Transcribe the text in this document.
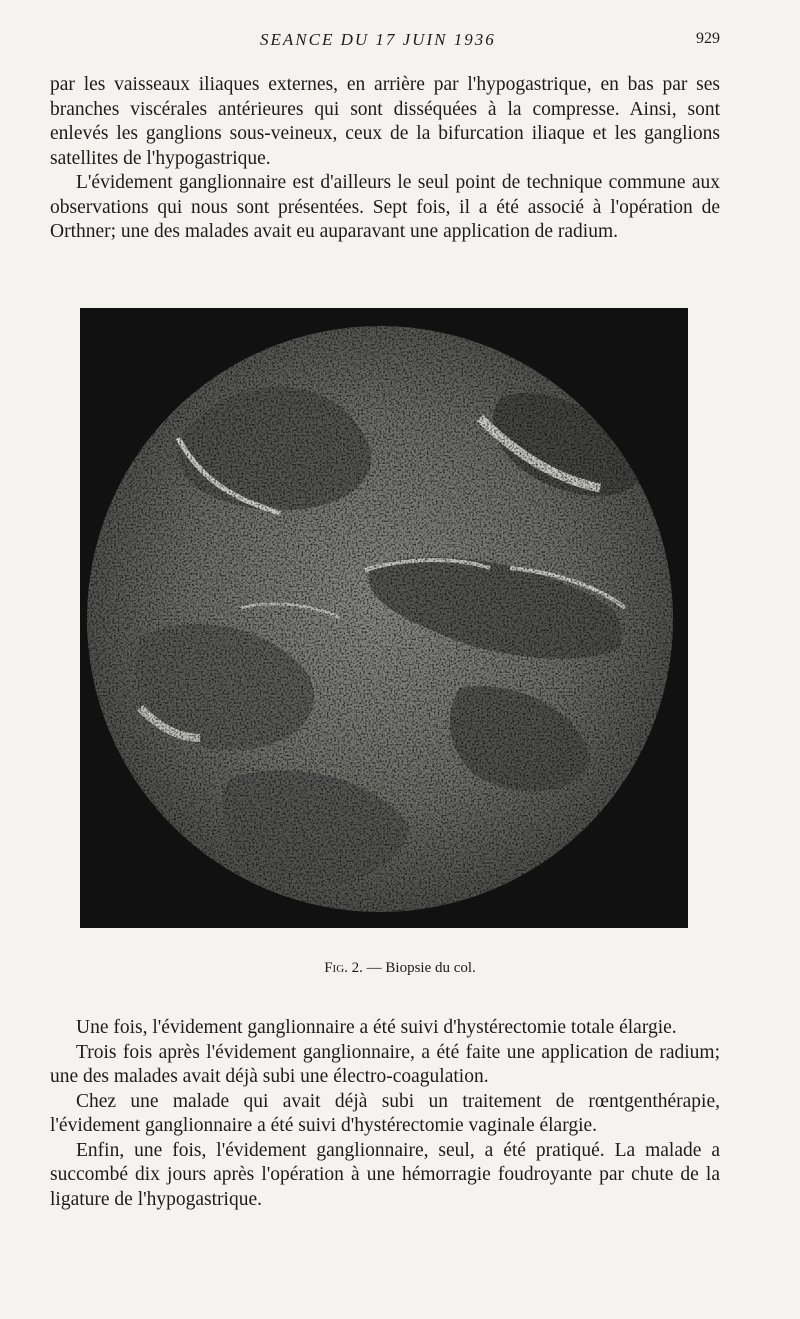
SEANCE DU 17 JUIN 1936	929

par les vaisseaux iliaques externes, en arrière par l'hypogastrique, en bas par ses branches viscérales antérieures qui sont disséquées à la compresse. Ainsi, sont enlevés les ganglions sous-veineux, ceux de la bifurcation iliaque et les ganglions satellites de l'hypogastrique.

L'évidement ganglionnaire est d'ailleurs le seul point de technique commune aux observations qui nous sont présentées. Sept fois, il a été associé à l'opération de Orthner; une des malades avait eu auparavant une application de radium.

Fig. 2. — Biopsie du col.

Une fois, l'évidement ganglionnaire a été suivi d'hystérectomie totale élargie.

Trois fois après l'évidement ganglionnaire, a été faite une application de radium; une des malades avait déjà subi une électro-coagulation.

Chez une malade qui avait déjà subi un traitement de rœntgenthérapie, l'évidement ganglionnaire a été suivi d'hystérectomie vaginale élargie.

Enfin, une fois, l'évidement ganglionnaire, seul, a été pratiqué. La malade a succombé dix jours après l'opération à une hémorragie foudroyante par chute de la ligature de l'hypogastrique.
